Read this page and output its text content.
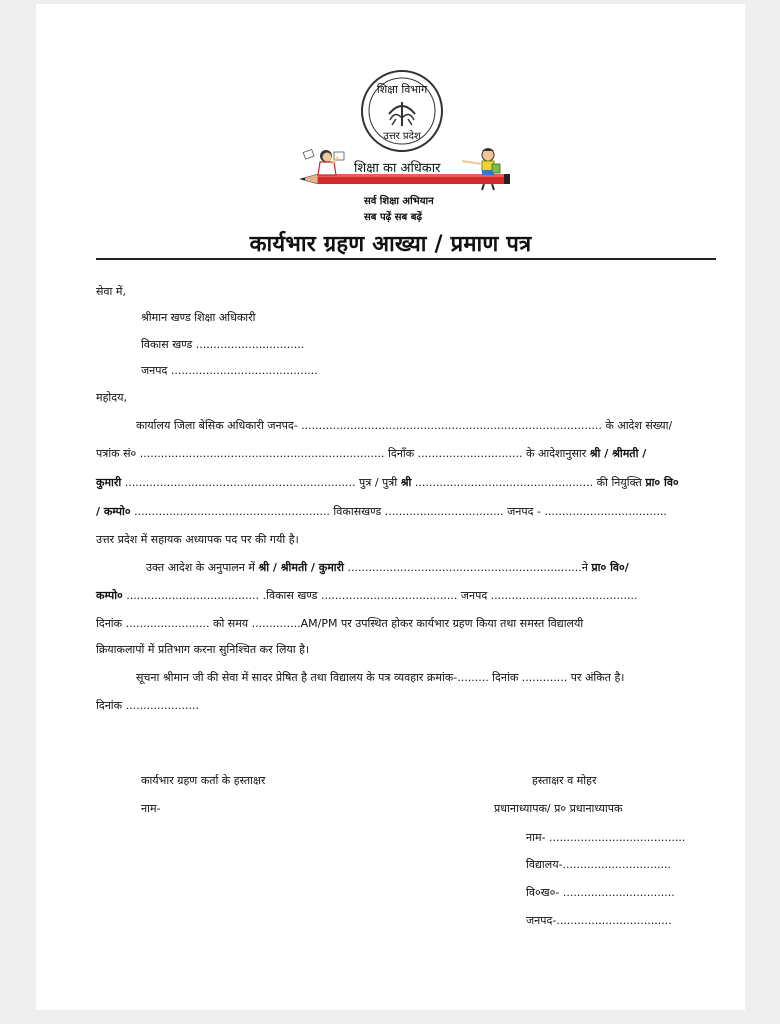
शिक्षा विभाग
उत्तर प्रदेश
शिक्षा का अधिकार
सर्व शिक्षा अभियान
सब पढ़ें सब बढ़ें
कार्यभार ग्रहण आख्या / प्रमाण पत्र
सेवा में,
श्रीमान खण्ड शिक्षा अधिकारी
विकास खण्ड ...............................
जनपद ..........................................
महोदय,
कार्यालय जिला बेसिक अधिकारी जनपद- ...................................................................................... के आदेश संख्या/
पत्रांक सं० ...................................................................... दिनाँक .............................. के आदेशानुसार श्री / श्रीमती /
कुमारी .................................................................. पुत्र / पुत्री श्री ................................................... की नियुक्ति प्रा० वि०
/ कम्पो० ........................................................ विकासखण्ड .................................. जनपद - ...................................
उत्तर प्रदेश में सहायक अध्यापक पद पर की गयी है।
उक्त आदेश के अनुपालन में श्री / श्रीमती / कुमारी ...................................................................ने प्रा० वि०/
कम्पो० ...................................... .विकास खण्ड ....................................... जनपद ..........................................
दिनांक ........................ को समय ..............AM/PM पर उपस्थित होकर कार्यभार ग्रहण किया तथा समस्त विद्यालयी
क्रियाकलापों में प्रतिभाग करना सुनिश्चित कर लिया है।
सूचना श्रीमान जी की सेवा में सादर प्रेषित है तथा विद्यालय के पत्र व्यवहार क्रमांक-......... दिनांक ............. पर अंकित है।
दिनांक .....................
कार्यभार ग्रहण कर्ता के हस्ताक्षर
नाम-
हस्ताक्षर व मोहर
प्रधानाध्यापक/ प्र० प्रधानाध्यापक
नाम- .......................................
विद्यालय-...............................
वि०ख०- ................................
जनपद-.................................
